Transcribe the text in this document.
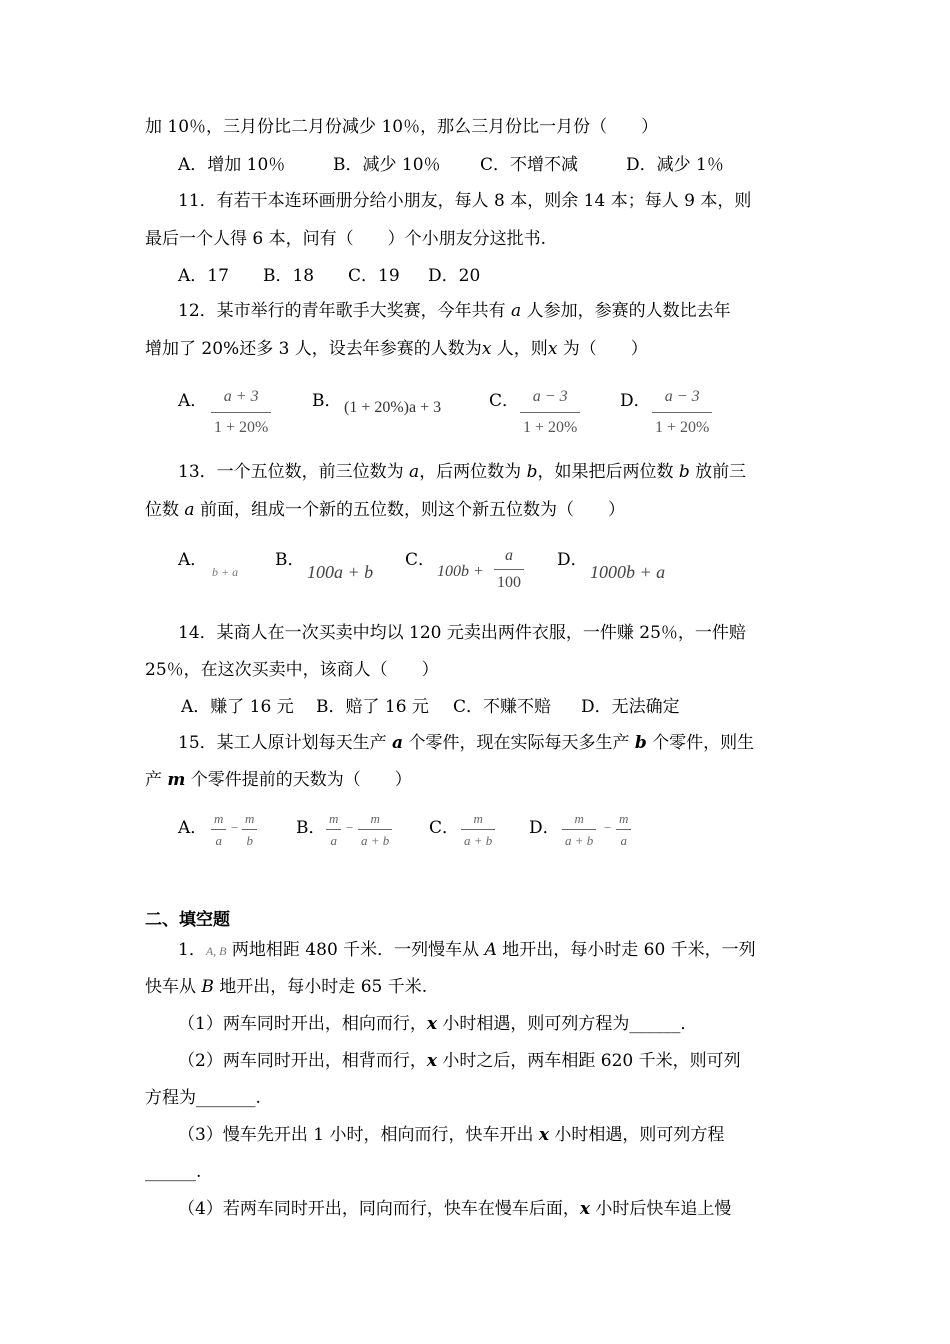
加 10％，三月份比二月份减少 10％，那么三月份比一月份（　　）
A．增加 10％	B．减少 10％ C．不增不减	D．减少 1％
11．有若干本连环画册分给小朋友，每人 8 本，则余 14 本；每人 9 本，则
最后一个人得 6 本，问有（　　）个小朋友分这批书.
A．17 B．18 C．19 D．20
12．某市举行的青年歌手大奖赛，今年共有 a 人参加，参赛的人数比去年
增加了 20%还多 3 人，设去年参赛的人数为x 人，则x 为（　　）
A． a + 3
1 + 20%
B． (1 + 20%)a + 3	C． a − 3
1 + 20%
D． a − 3
1 + 20%
13．一个五位数，前三位数为 a，后两位数为 b，如果把后两位数 b 放前三
位数 a 前面，组成一个新的五位数，则这个新五位数为（　　）
A．
b + a
B．
100a + b
C．
100b +
a
100
D．
1000b + a
14．某商人在一次买卖中均以 120 元卖出两件衣服，一件赚 25％，一件赔
25％，在这次买卖中，该商人（　　）
A．赚了 16 元 B．赔了 16 元 C．不赚不赔 D．无法确定
15．某工人原计划每天生产 a 个零件，现在实际每天多生产 b 个零件，则生
产 m 个零件提前的天数为（　　）
A． m
a
−
m
b
B． m
a
−
m
a + b
C． m
a + b
D． m
a + b
−
m
a
二、填空题
1．A, B 两地相距 480 千米．一列慢车从 A 地开出，每小时走 60 千米，一列
快车从 B 地开出，每小时走 65 千米.
（1）两车同时开出，相向而行，x 小时相遇，则可列方程为______．
（2）两车同时开出，相背而行，x 小时之后，两车相距 620 千米，则可列
方程为_______.
（3）慢车先开出 1 小时，相向而行，快车开出 x 小时相遇，则可列方程
______.
（4）若两车同时开出，同向而行，快车在慢车后面，x 小时后快车追上慢
